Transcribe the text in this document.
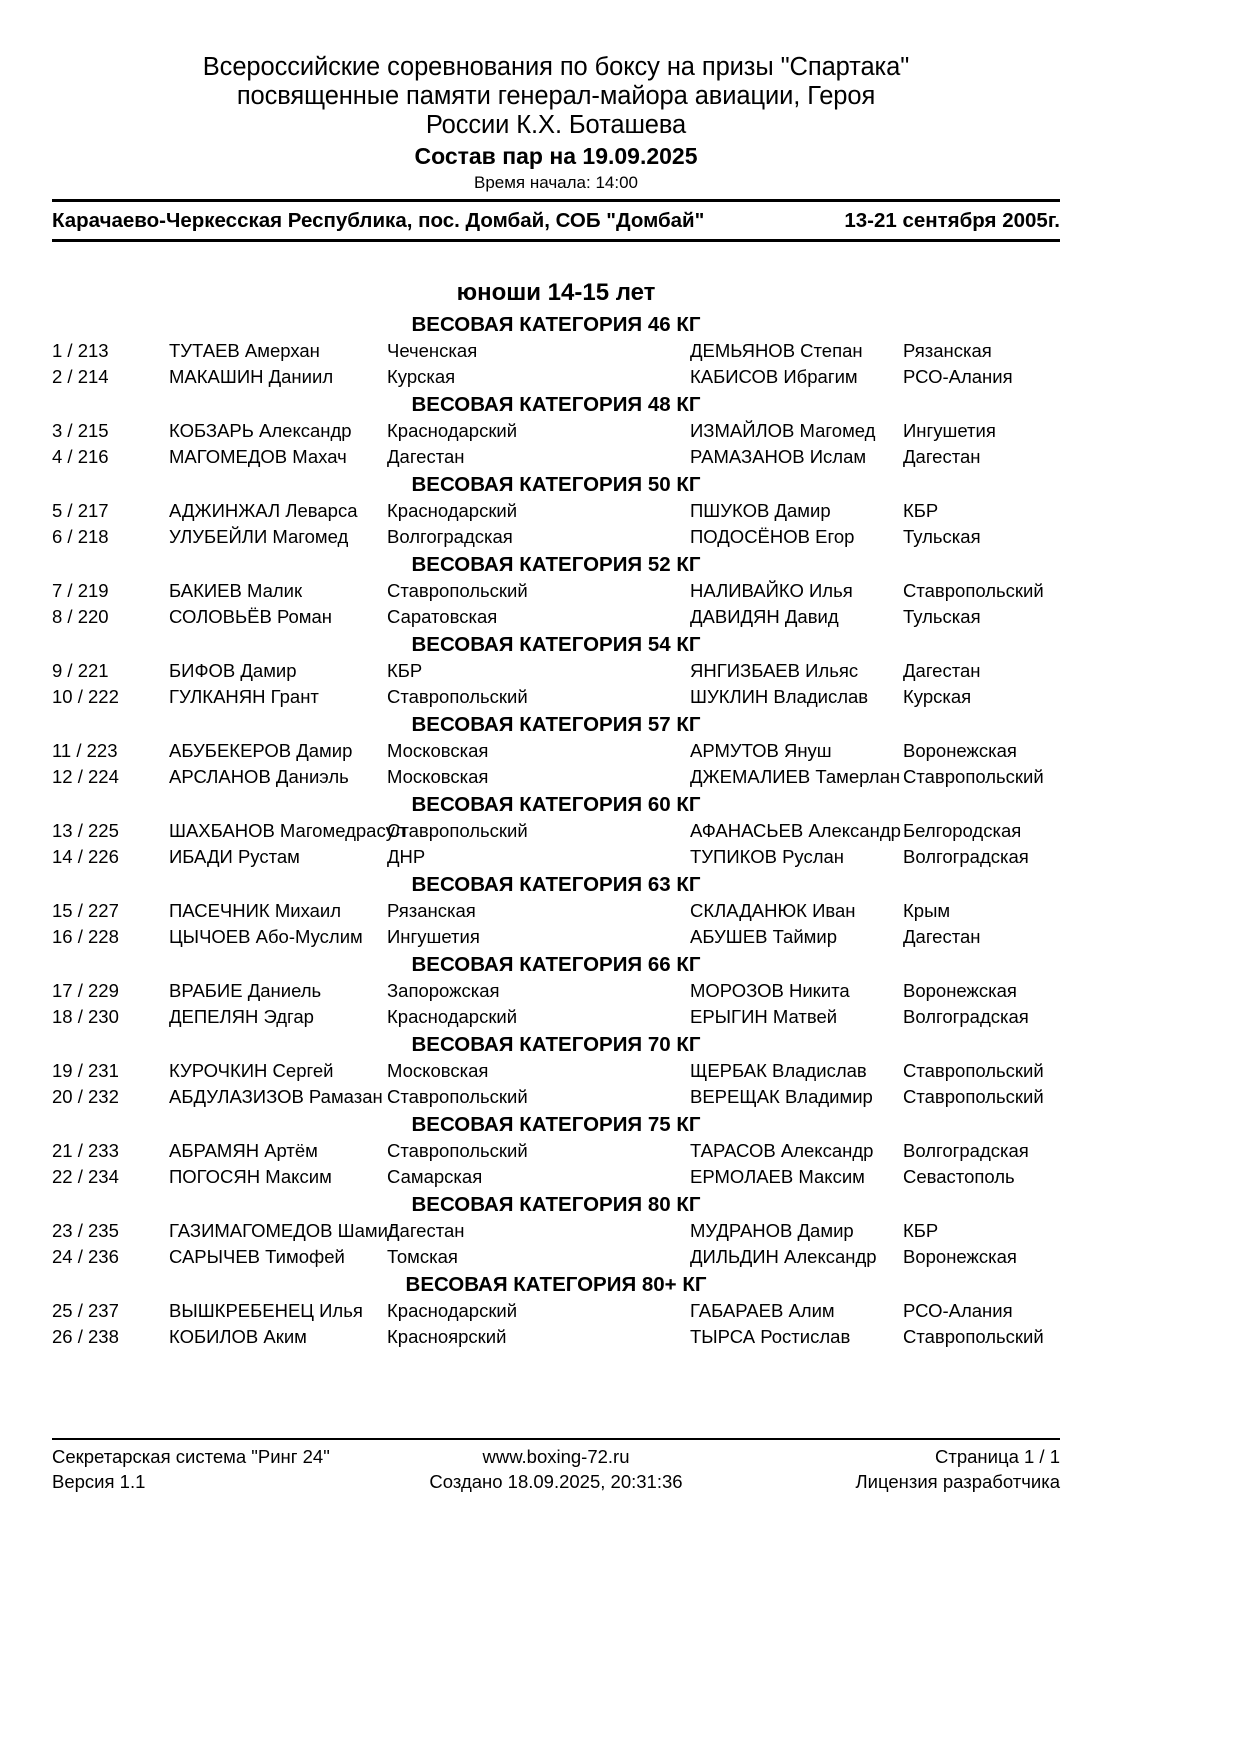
Всероссийские соревнования по боксу на призы "Спартака"
посвященные памяти генерал-майора авиации, Героя
России К.Х. Боташева
Состав пар на 19.09.2025
Время начала: 14:00
Карачаево-Черкесская Республика, пос. Домбай, СОБ "Домбай"	13-21 сентября 2005г.
юноши 14-15 лет
ВЕСОВАЯ КАТЕГОРИЯ 46 КГ
1 / 213	ТУТАЕВ Амерхан	Чеченская	ДЕМЬЯНОВ Степан	Рязанская
2 / 214	МАКАШИН Даниил	Курская	КАБИСОВ Ибрагим	РСО-Алания
ВЕСОВАЯ КАТЕГОРИЯ 48 КГ
3 / 215	КОБЗАРЬ Александр	Краснодарский	ИЗМАЙЛОВ Магомед	Ингушетия
4 / 216	МАГОМЕДОВ Махач	Дагестан	РАМАЗАНОВ Ислам	Дагестан
ВЕСОВАЯ КАТЕГОРИЯ 50 КГ
5 / 217	АДЖИНЖАЛ Леварса	Краснодарский	ПШУКОВ Дамир	КБР
6 / 218	УЛУБЕЙЛИ Магомед	Волгоградская	ПОДОСЁНОВ Егор	Тульская
ВЕСОВАЯ КАТЕГОРИЯ 52 КГ
7 / 219	БАКИЕВ Малик	Ставропольский	НАЛИВАЙКО Илья	Ставропольский
8 / 220	СОЛОВЬЁВ Роман	Саратовская	ДАВИДЯН Давид	Тульская
ВЕСОВАЯ КАТЕГОРИЯ 54 КГ
9 / 221	БИФОВ Дамир	КБР	ЯНГИЗБАЕВ Ильяс	Дагестан
10 / 222	ГУЛКАНЯН Грант	Ставропольский	ШУКЛИН Владислав	Курская
ВЕСОВАЯ КАТЕГОРИЯ 57 КГ
11 / 223	АБУБЕКЕРОВ Дамир	Московская	АРМУТОВ Януш	Воронежская
12 / 224	АРСЛАНОВ Даниэль	Московская	ДЖЕМАЛИЕВ Тамерлан	Ставропольский
ВЕСОВАЯ КАТЕГОРИЯ 60 КГ
13 / 225	ШАХБАНОВ Магомедрасул	Ставропольский	АФАНАСЬЕВ Александр	Белгородская
14 / 226	ИБАДИ Рустам	ДНР	ТУПИКОВ Руслан	Волгоградская
ВЕСОВАЯ КАТЕГОРИЯ 63 КГ
15 / 227	ПАСЕЧНИК Михаил	Рязанская	СКЛАДАНЮК Иван	Крым
16 / 228	ЦЫЧОЕВ Або-Муслим	Ингушетия	АБУШЕВ Таймир	Дагестан
ВЕСОВАЯ КАТЕГОРИЯ 66 КГ
17 / 229	ВРАБИЕ Даниель	Запорожская	МОРОЗОВ Никита	Воронежская
18 / 230	ДЕПЕЛЯН Эдгар	Краснодарский	ЕРЫГИН Матвей	Волгоградская
ВЕСОВАЯ КАТЕГОРИЯ 70 КГ
19 / 231	КУРОЧКИН Сергей	Московская	ЩЕРБАК Владислав	Ставропольский
20 / 232	АБДУЛАЗИЗОВ Рамазан	Ставропольский	ВЕРЕЩАК Владимир	Ставропольский
ВЕСОВАЯ КАТЕГОРИЯ 75 КГ
21 / 233	АБРАМЯН Артём	Ставропольский	ТАРАСОВ Александр	Волгоградская
22 / 234	ПОГОСЯН Максим	Самарская	ЕРМОЛАЕВ Максим	Севастополь
ВЕСОВАЯ КАТЕГОРИЯ 80 КГ
23 / 235	ГАЗИМАГОМЕДОВ Шамил	Дагестан	МУДРАНОВ Дамир	КБР
24 / 236	САРЫЧЕВ Тимофей	Томская	ДИЛЬДИН Александр	Воронежская
ВЕСОВАЯ КАТЕГОРИЯ 80+ КГ
25 / 237	ВЫШКРЕБЕНЕЦ Илья	Краснодарский	ГАБАРАЕВ Алим	РСО-Алания
26 / 238	КОБИЛОВ Аким	Красноярский	ТЫРСА Ростислав	Ставропольский
Секретарская система "Ринг 24"	www.boxing-72.ru	Страница 1 / 1
Версия 1.1	Создано 18.09.2025, 20:31:36	Лицензия разработчика
